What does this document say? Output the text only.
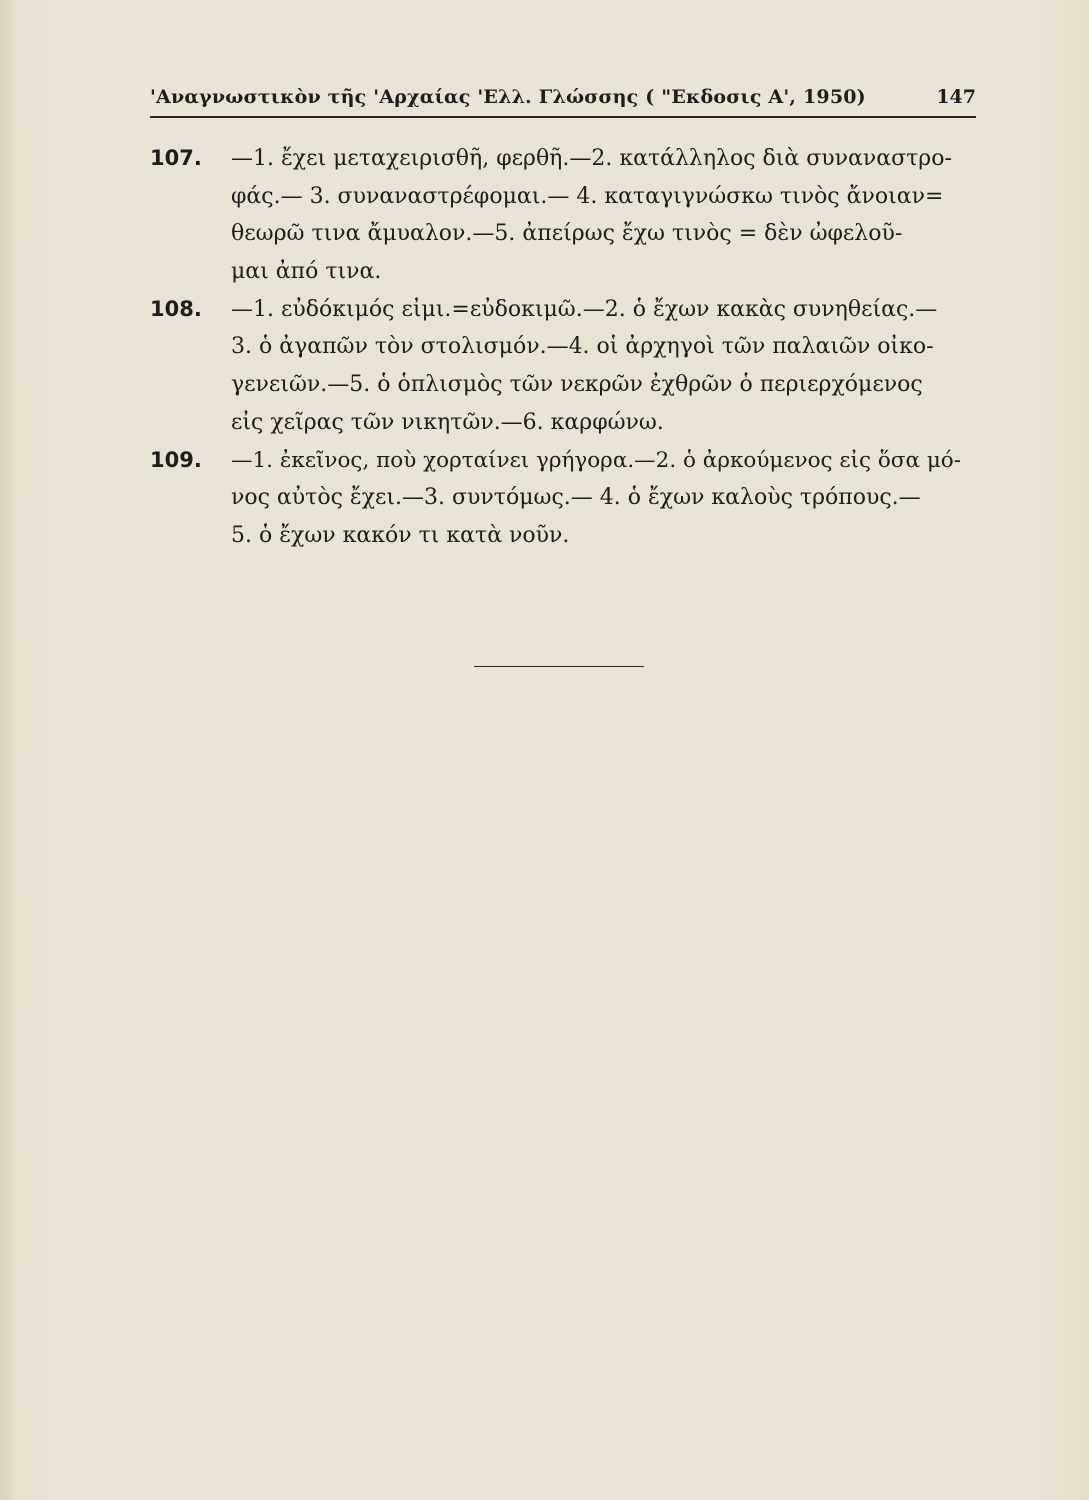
'Αναγνωστικὸν τῆς 'Αρχαίας 'Ελλ. Γλώσσης ( "Εκδοσις Α', 1950)	147
107. —1. ἔχει μεταχειρισθῆ, φερθῆ.—2. κατάλληλος διὰ συναναστρο-
φάς.— 3. συναναστρέφομαι.— 4. καταγιγνώσκω τινὸς ἄνοιαν=
θεωρῶ τινα ἄμυαλον.—5. ἀπείρως ἔχω τινὸς = δὲν ὠφελοῦ-
μαι ἀπό τινα.
108. —1. εὐδόκιμός εἰμι.=εὐδοκιμῶ.—2. ὁ ἔχων κακὰς συνηθείας.—
3. ὁ ἀγαπῶν τὸν στολισμόν.—4. οἱ ἀρχηγοὶ τῶν παλαιῶν οἰκο-
γενειῶν.—5. ὁ ὁπλισμὸς τῶν νεκρῶν ἐχθρῶν ὁ περιερχόμενος
εἰς χεῖρας τῶν νικητῶν.—6. καρφώνω.
109. —1. ἐκεῖνος, ποὺ χορταίνει γρήγορα.—2. ὁ ἀρκούμενος εἰς ὅσα μό-
νος αὐτὸς ἔχει.—3. συντόμως.— 4. ὁ ἔχων καλοὺς τρόπους.—
5. ὁ ἔχων κακόν τι κατὰ νοῦν.
